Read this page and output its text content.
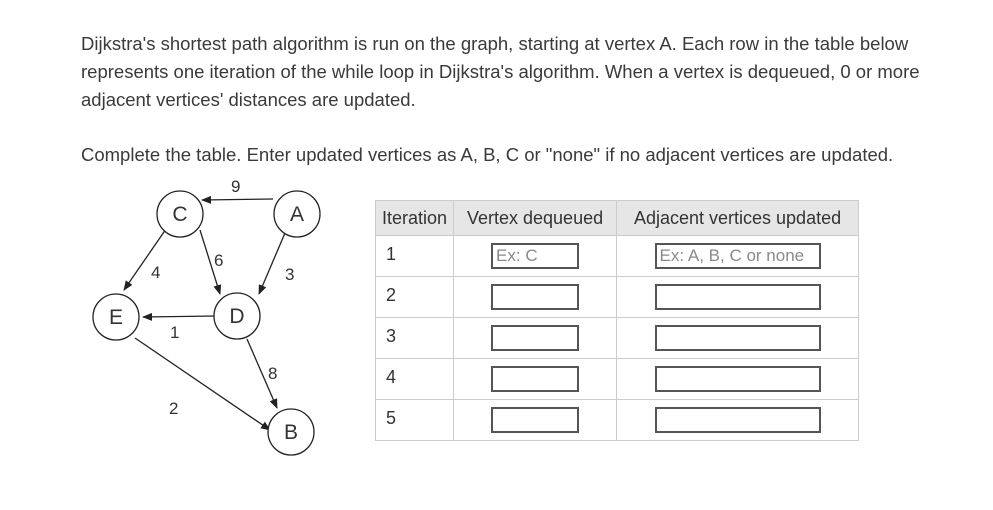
Dijkstra's shortest path algorithm is run on the graph, starting at vertex A. Each row in the table below represents one iteration of the while loop in Dijkstra's algorithm. When a vertex is dequeued, 0 or more adjacent vertices' distances are updated.

Complete the table. Enter updated vertices as A, B, C or "none" if no adjacent vertices are updated.

9
3
6
4
1
8
2
C	A
E	D
B
Iteration	Vertex dequeued	Adjacent vertices updated
1	Ex: C	Ex: A, B, C or none
2		
3		
4		
5		
